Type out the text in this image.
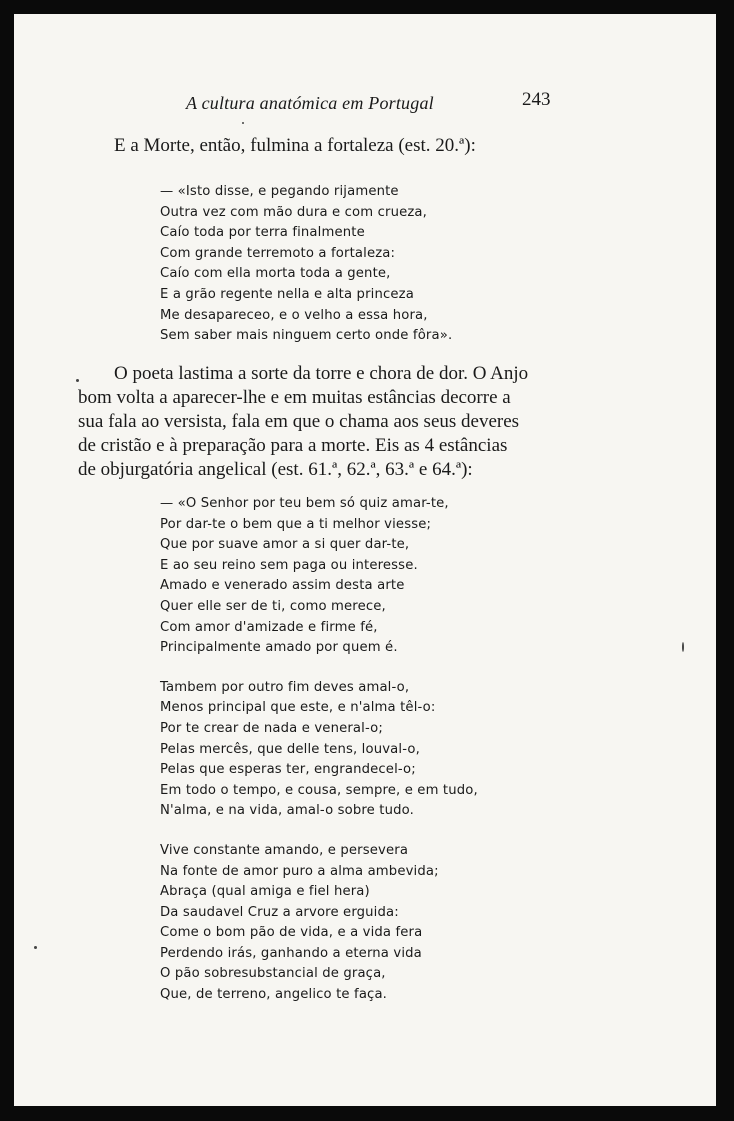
A cultura anatómica em Portugal	243
E a Morte, então, fulmina a fortaleza (est. 20.ª):
— «Isto disse, e pegando rijamente
Outra vez com mão dura e com crueza,
Caío toda por terra finalmente
Com grande terremoto a fortaleza:
Caío com ella morta toda a gente,
E a grão regente nella e alta princeza
Me desapareceo, e o velho a essa hora,
Sem saber mais ninguem certo onde fôra».
O poeta lastima a sorte da torre e chora de dor. O Anjo
bom volta a aparecer-lhe e em muitas estâncias decorre a
sua fala ao versista, fala em que o chama aos seus deveres
de cristão e à preparação para a morte. Eis as 4 estâncias
de objurgatória angelical (est. 61.ª, 62.ª, 63.ª e 64.ª):
— «O Senhor por teu bem só quiz amar-te,
Por dar-te o bem que a ti melhor viesse;
Que por suave amor a si quer dar-te,
E ao seu reino sem paga ou interesse.
Amado e venerado assim desta arte
Quer elle ser de ti, como merece,
Com amor d'amizade e firme fé,
Principalmente amado por quem é.
Tambem por outro fim deves amal-o,
Menos principal que este, e n'alma têl-o:
Por te crear de nada e veneral-o;
Pelas mercês, que delle tens, louval-o,
Pelas que esperas ter, engrandecel-o;
Em todo o tempo, e cousa, sempre, e em tudo,
N'alma, e na vida, amal-o sobre tudo.
Vive constante amando, e persevera
Na fonte de amor puro a alma ambevida;
Abraça (qual amiga e fiel hera)
Da saudavel Cruz a arvore erguida:
Come o bom pão de vida, e a vida fera
Perdendo irás, ganhando a eterna vida
O pão sobresubstancial de graça,
Que, de terreno, angelico te faça.
